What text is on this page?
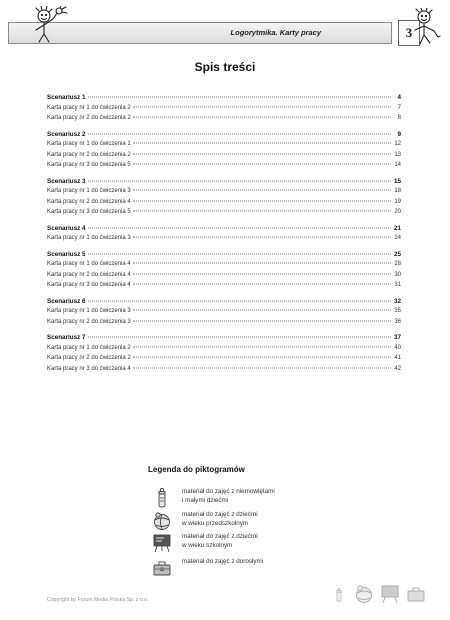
Logorytmika. Karty pracy	3
Spis treści
Scenariusz 1	4
Karta pracy nr 1 do ćwiczenia 2	7
Karta pracy nr 2 do ćwiczenia 2	8
Scenariusz 2	9
Karta pracy nr 1 do ćwiczenia 1	12
Karta pracy nr 2 do ćwiczenia 2	13
Karta pracy nr 3 do ćwiczenia 5	14
Scenariusz 3	15
Karta pracy nr 1 do ćwiczenia 3	18
Karta pracy nr 2 do ćwiczenia 4	19
Karta pracy nr 3 do ćwiczenia 5	20
Scenariusz 4	21
Karta pracy nr 1 do ćwiczenia 3	24
Scenariusz 5	25
Karta pracy nr 1 do ćwiczenia 4	28
Karta pracy nr 2 do ćwiczenia 4	30
Karta pracy nr 3 do ćwiczenia 4	31
Scenariusz 6	32
Karta pracy nr 1 do ćwiczenia 3	35
Karta pracy nr 2 do ćwiczenia 3	36
Scenariusz 7	37
Karta pracy nr 1 do ćwiczenia 2	40
Karta pracy nr 2 do ćwiczenia 2	41
Karta pracy nr 3 do ćwiczenia 4	42
Legenda do piktogramów
materiał do zajęć z niemowlętami
i małymi dziećmi
materiał do zajęć z dziećmi
w wieku przedszkolnym
materiał do zajęć z dziećmi
w wieku szkolnym
materiał do zajęć z dorosłymi
Copyright by Forum Media Polska Sp. z o.o.
